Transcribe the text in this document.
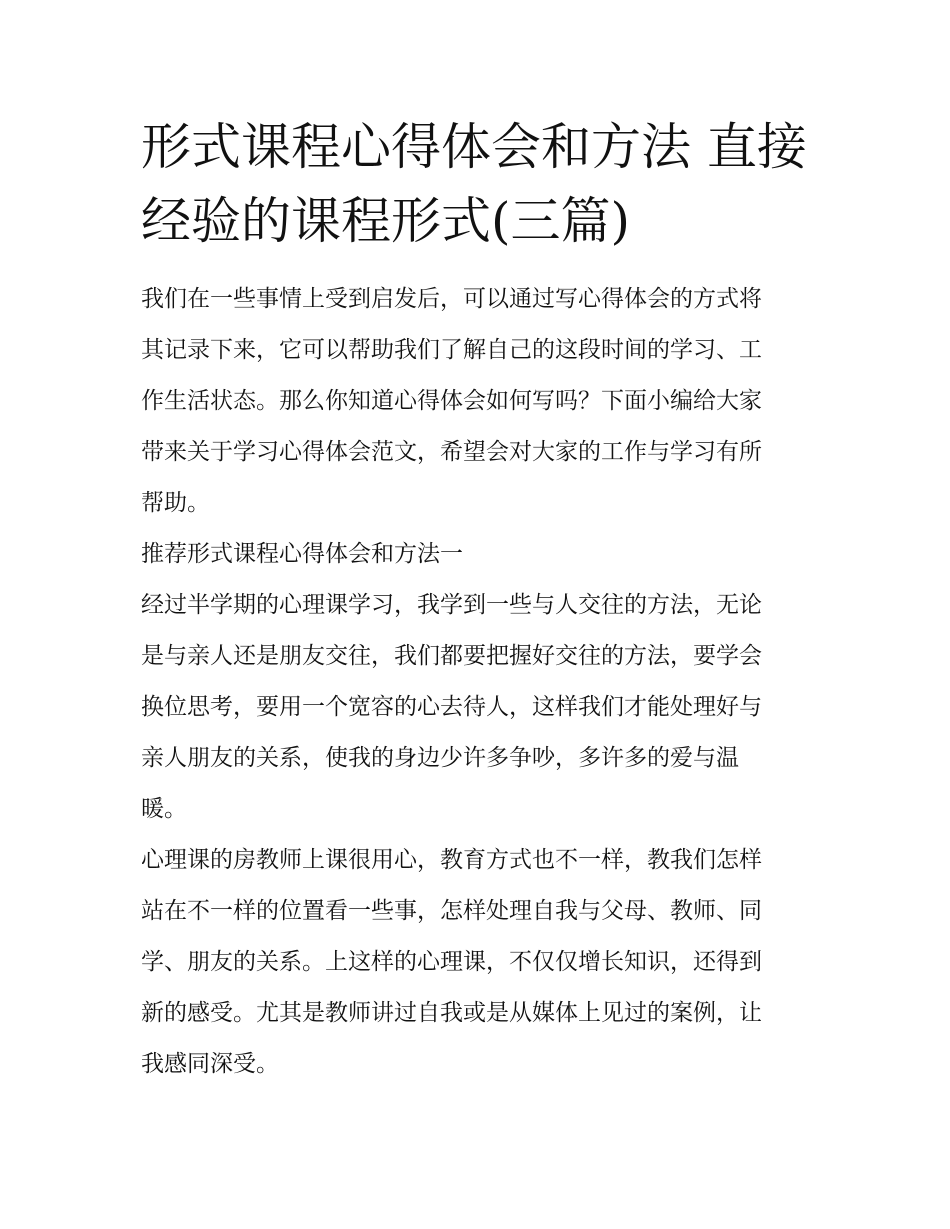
形式课程心得体会和方法 直接
经验的课程形式(三篇)

我们在一些事情上受到启发后，可以通过写心得体会的方式将
其记录下来，它可以帮助我们了解自己的这段时间的学习、工
作生活状态。那么你知道心得体会如何写吗？下面小编给大家
带来关于学习心得体会范文，希望会对大家的工作与学习有所
帮助。

推荐形式课程心得体会和方法一

经过半学期的心理课学习，我学到一些与人交往的方法，无论
是与亲人还是朋友交往，我们都要把握好交往的方法，要学会
换位思考，要用一个宽容的心去待人，这样我们才能处理好与
亲人朋友的关系，使我的身边少许多争吵，多许多的爱与温
暖。

心理课的房教师上课很用心，教育方式也不一样，教我们怎样
站在不一样的位置看一些事，怎样处理自我与父母、教师、同
学、朋友的关系。上这样的心理课，不仅仅增长知识，还得到
新的感受。尤其是教师讲过自我或是从媒体上见过的案例，让
我感同深受。
